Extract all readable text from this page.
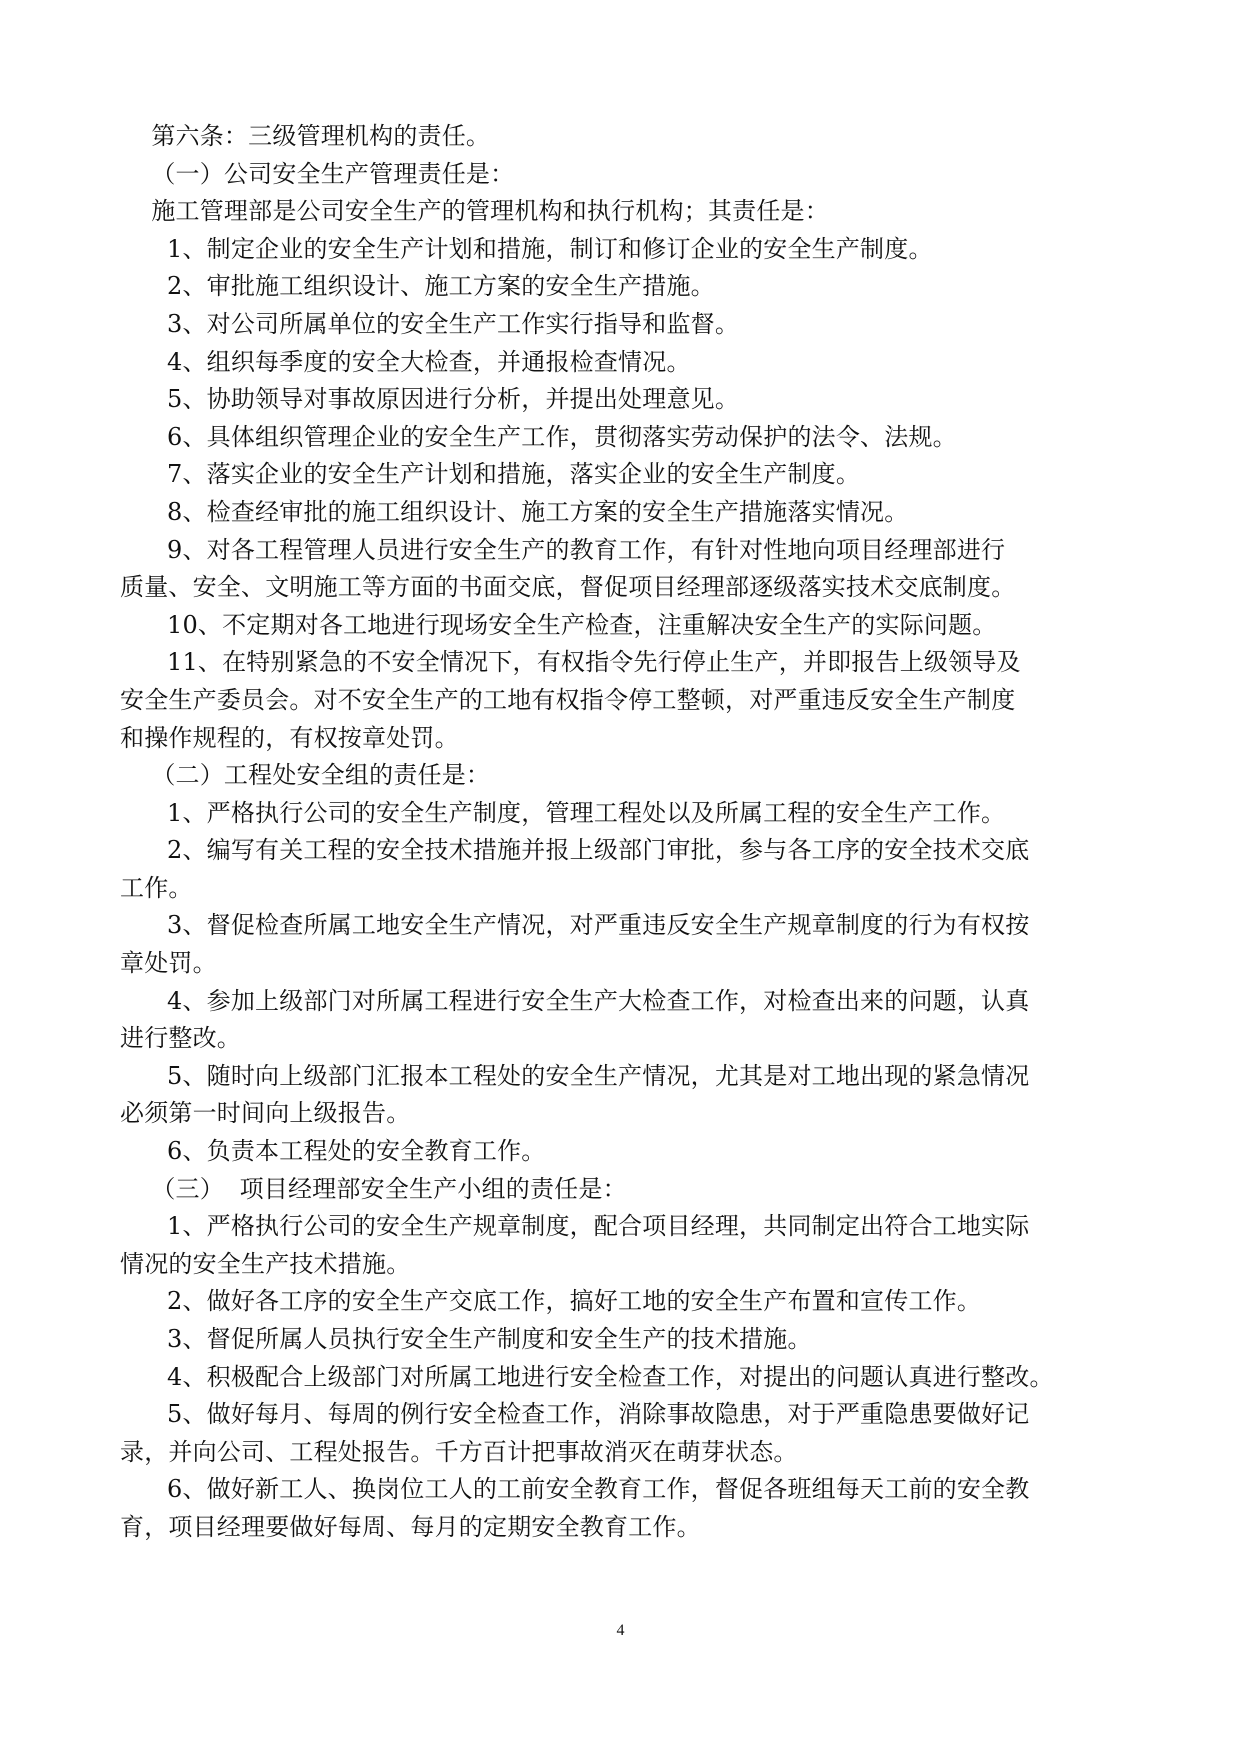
第六条：三级管理机构的责任。
（一）公司安全生产管理责任是：
施工管理部是公司安全生产的管理机构和执行机构；其责任是：
1、制定企业的安全生产计划和措施，制订和修订企业的安全生产制度。
2、审批施工组织设计、施工方案的安全生产措施。
3、对公司所属单位的安全生产工作实行指导和监督。
4、组织每季度的安全大检查，并通报检查情况。
5、协助领导对事故原因进行分析，并提出处理意见。
6、具体组织管理企业的安全生产工作，贯彻落实劳动保护的法令、法规。
7、落实企业的安全生产计划和措施，落实企业的安全生产制度。
8、检查经审批的施工组织设计、施工方案的安全生产措施落实情况。
9、对各工程管理人员进行安全生产的教育工作，有针对性地向项目经理部进行
质量、安全、文明施工等方面的书面交底，督促项目经理部逐级落实技术交底制度。
10、不定期对各工地进行现场安全生产检查，注重解决安全生产的实际问题。
11、在特别紧急的不安全情况下，有权指令先行停止生产，并即报告上级领导及
安全生产委员会。对不安全生产的工地有权指令停工整顿，对严重违反安全生产制度
和操作规程的，有权按章处罚。
（二）工程处安全组的责任是：
1、严格执行公司的安全生产制度，管理工程处以及所属工程的安全生产工作。
2、编写有关工程的安全技术措施并报上级部门审批，参与各工序的安全技术交底
工作。
3、督促检查所属工地安全生产情况，对严重违反安全生产规章制度的行为有权按
章处罚。
4、参加上级部门对所属工程进行安全生产大检查工作，对检查出来的问题，认真
进行整改。
5、随时向上级部门汇报本工程处的安全生产情况，尤其是对工地出现的紧急情况
必须第一时间向上级报告。
6、负责本工程处的安全教育工作。
（三）  项目经理部安全生产小组的责任是：
1、严格执行公司的安全生产规章制度，配合项目经理，共同制定出符合工地实际
情况的安全生产技术措施。
2、做好各工序的安全生产交底工作，搞好工地的安全生产布置和宣传工作。
3、督促所属人员执行安全生产制度和安全生产的技术措施。
4、积极配合上级部门对所属工地进行安全检查工作，对提出的问题认真进行整改。
5、做好每月、每周的例行安全检查工作，消除事故隐患，对于严重隐患要做好记
录，并向公司、工程处报告。千方百计把事故消灭在萌芽状态。
6、做好新工人、换岗位工人的工前安全教育工作，督促各班组每天工前的安全教
育，项目经理要做好每周、每月的定期安全教育工作。
4
